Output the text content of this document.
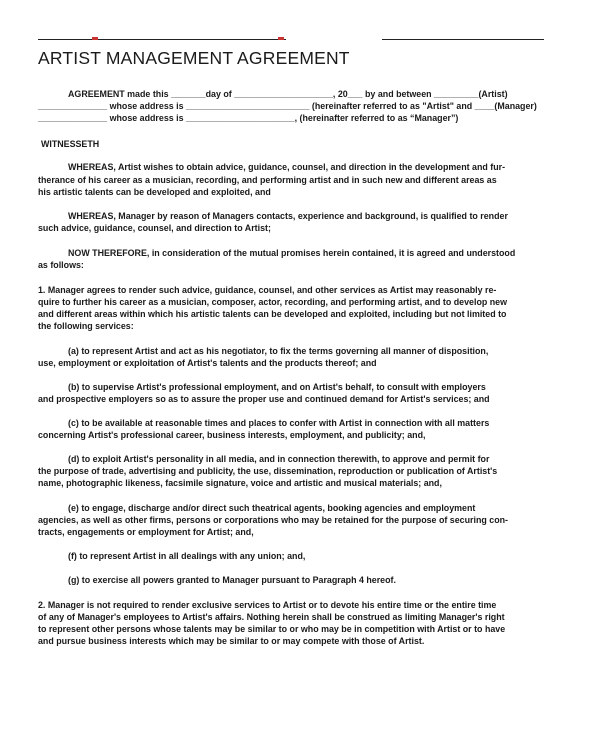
ARTIST MANAGEMENT AGREEMENT
AGREEMENT made this _______day of ____________________, 20___ by and between _________(Artist)
______________ whose address is _________________________ (hereinafter referred to as "Artist" and ____(Manager)
______________ whose address is ______________________, (hereinafter referred to as “Manager”)
WITNESSETH
WHEREAS, Artist wishes to obtain advice, guidance, counsel, and direction in the development and fur-
therance of his career as a musician, recording, and performing artist and in such new and different areas as
his artistic talents can be developed and exploited, and
WHEREAS, Manager by reason of Managers contacts, experience and background, is qualified to render
such advice, guidance, counsel, and direction to Artist;
NOW THEREFORE, in consideration of the mutual promises herein contained, it is agreed and understood
as follows:
1. Manager agrees to render such advice, guidance, counsel, and other services as Artist may reasonably re-
quire to further his career as a musician, composer, actor, recording, and performing artist, and to develop new
and different areas within which his artistic talents can be developed and exploited, including but not limited to
the following services:
(a) to represent Artist and act as his negotiator, to fix the terms governing all manner of disposition,
use, employment or exploitation of Artist's talents and the products thereof; and
(b) to supervise Artist's professional employment, and on Artist's behalf, to consult with employers
and prospective employers so as to assure the proper use and continued demand for Artist's services; and
(c) to be available at reasonable times and places to confer with Artist in connection with all matters
concerning Artist's professional career, business interests, employment, and publicity; and,
(d) to exploit Artist's personality in all media, and in connection therewith, to approve and permit for
the purpose of trade, advertising and publicity, the use, dissemination, reproduction or publication of Artist's
name, photographic likeness, facsimile signature, voice and artistic and musical materials; and,
(e) to engage, discharge and/or direct such theatrical agents, booking agencies and employment
agencies, as well as other firms, persons or corporations who may be retained for the purpose of securing con-
tracts, engagements or employment for Artist; and,
(f) to represent Artist in all dealings with any union; and,
(g) to exercise all powers granted to Manager pursuant to Paragraph 4 hereof.
2. Manager is not required to render exclusive services to Artist or to devote his entire time or the entire time
of any of Manager's employees to Artist's affairs. Nothing herein shall be construed as limiting Manager's right
to represent other persons whose talents may be similar to or who may be in competition with Artist or to have
and pursue business interests which may be similar to or may compete with those of Artist.
